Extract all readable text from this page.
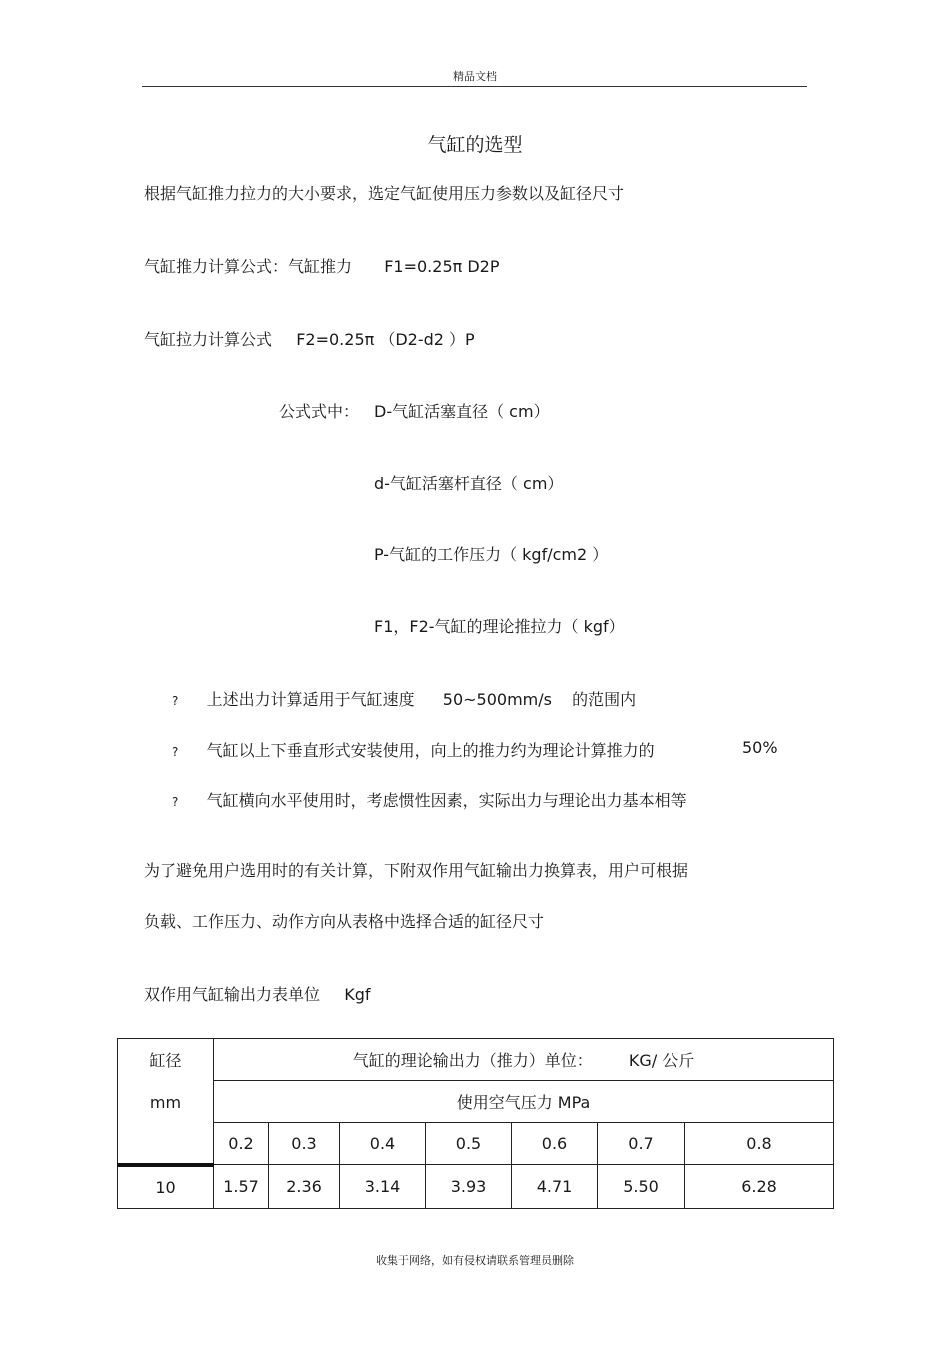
精品文档
气缸的选型
根据气缸推力拉力的大小要求，选定气缸使用压力参数以及缸径尺寸
气缸推力计算公式：气缸推力 F1=0.25π D2P
气缸拉力计算公式 F2=0.25π （D2-d2 ）P
公式式中： D-气缸活塞直径（ cm）
d-气缸活塞杆直径（ cm）
P-气缸的工作压力（ kgf/cm2 ）
F1，F2-气缸的理论推拉力（ kgf）
? 上述出力计算适用于气缸速度 50~500mm/s 的范围内
? 气缸以上下垂直形式安装使用，向上的推力约为理论计算推力的	50%
? 气缸横向水平使用时，考虑惯性因素，实际出力与理论出力基本相等
为了避免用户选用时的有关计算，下附双作用气缸输出力换算表，用户可根据
负载、工作压力、动作方向从表格中选择合适的缸径尺寸
双作用气缸输出力表单位 Kgf
缸径
mm	气缸的理论输出力（推力）单位： KG/ 公斤						
	使用空气压力 MPa						
	0.2	0.3	0.4	0.5	0.6	0.7	0.8
10	1.57	2.36	3.14	3.93	4.71	5.50	6.28
收集于网络，如有侵权请联系管理员删除
